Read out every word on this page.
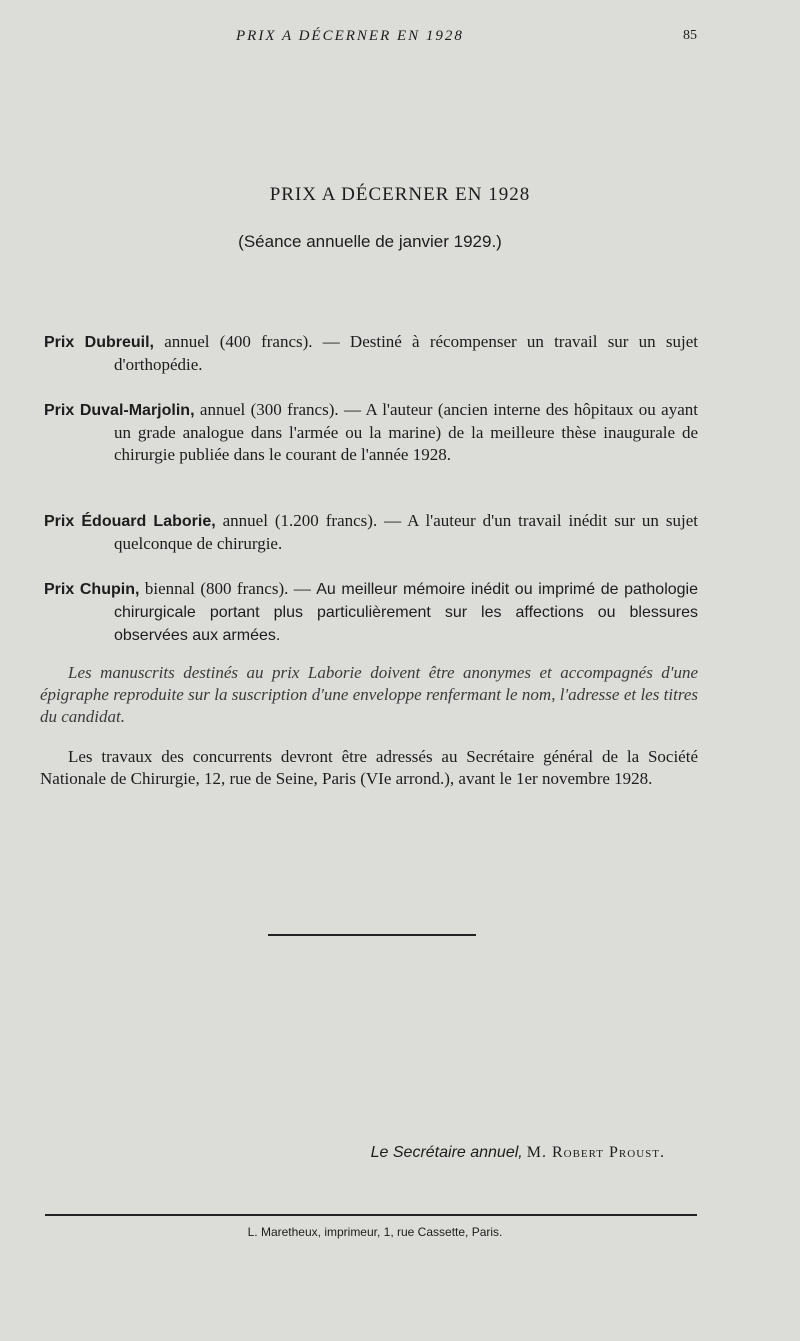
PRIX A DÉCERNER EN 1928	85
PRIX A DÉCERNER EN 1928
(Séance annuelle de janvier 1929.)
Prix Dubreuil, annuel (400 francs). — Destiné à récompenser un travail sur un sujet d'orthopédie.
Prix Duval-Marjolin, annuel (300 francs). — A l'auteur (ancien interne des hôpitaux ou ayant un grade analogue dans l'armée ou la marine) de la meilleure thèse inaugurale de chirurgie publiée dans le courant de l'année 1928.
Prix Édouard Laborie, annuel (1.200 francs). — A l'auteur d'un travail inédit sur un sujet quelconque de chirurgie.
Prix Chupin, biennal (800 francs). — Au meilleur mémoire inédit ou imprimé de pathologie chirurgicale portant plus particulièrement sur les affections ou blessures observées aux armées.
Les manuscrits destinés au prix Laborie doivent être anonymes et accompagnés d'une épigraphe reproduite sur la suscription d'une enveloppe renfermant le nom, l'adresse et les titres du candidat.
Les travaux des concurrents devront être adressés au Secrétaire général de la Société Nationale de Chirurgie, 12, rue de Seine, Paris (VIe arrond.), avant le 1er novembre 1928.
Le Secrétaire annuel, M. Robert Proust.
L. Maretheux, imprimeur, 1, rue Cassette, Paris.
